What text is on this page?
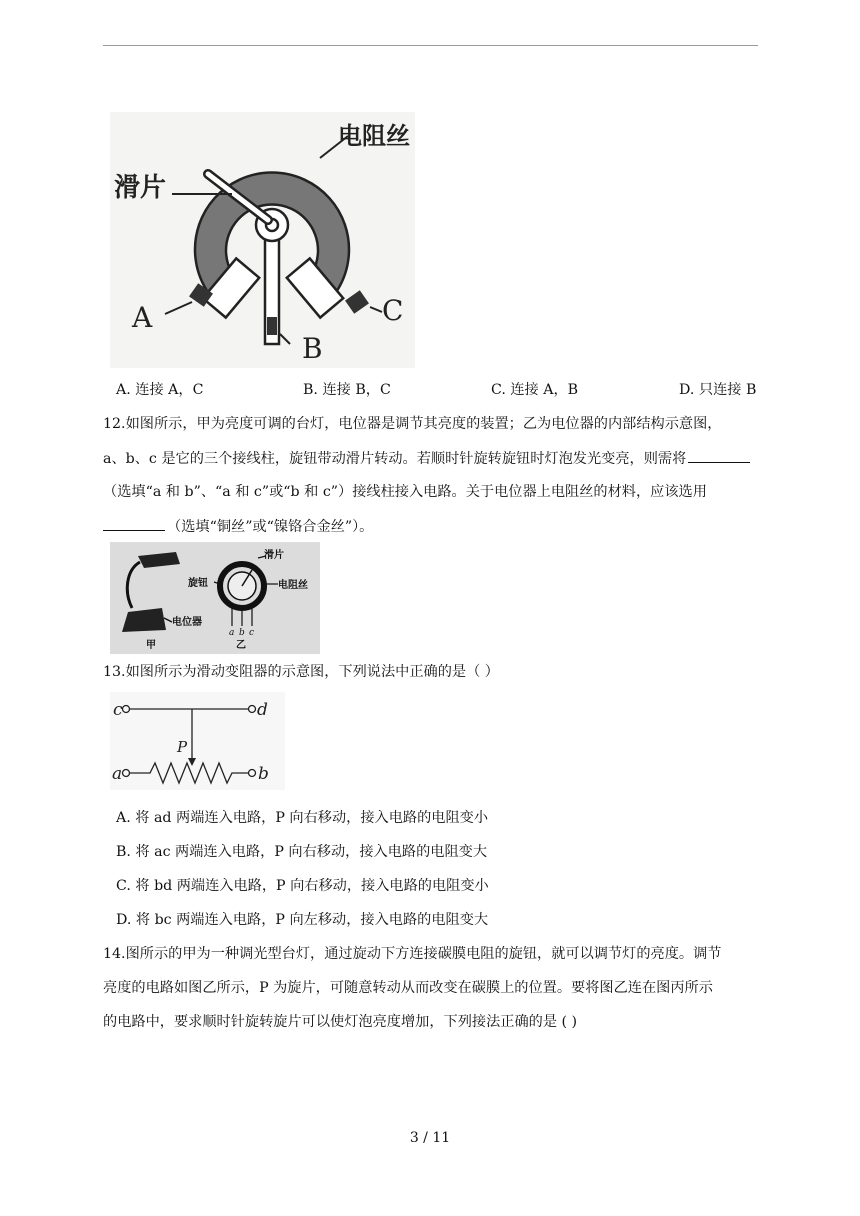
电阻丝
滑片
A
B
C
A. 连接 A，C	B. 连接 B，C	C. 连接 A，B	D. 只连接 B
12.如图所示，甲为亮度可调的台灯，电位器是调节其亮度的装置；乙为电位器的内部结构示意图，
a、b、c 是它的三个接线柱，旋钮带动滑片转动。若顺时针旋转旋钮时灯泡发光变亮，则需将
（选填“a 和 b”、“a 和 c”或“b 和 c”）接线柱接入电路。关于电位器上电阻丝的材料，应该选用
（选填“铜丝”或“镍铬合金丝”）。
电位器
甲
滑片
旋钮	电阻丝
a b c
乙
13.如图所示为滑动变阻器的示意图，下列说法中正确的是（ ）
c	d
P
a	b
A. 将 ad 两端连入电路，P 向右移动，接入电路的电阻变小
B. 将 ac 两端连入电路，P 向右移动，接入电路的电阻变大
C. 将 bd 两端连入电路，P 向右移动，接入电路的电阻变小
D. 将 bc 两端连入电路，P 向左移动，接入电路的电阻变大
14.图所示的甲为一种调光型台灯，通过旋动下方连接碳膜电阻的旋钮，就可以调节灯的亮度。调节
亮度的电路如图乙所示，P 为旋片，可随意转动从而改变在碳膜上的位置。要将图乙连在图丙所示
的电路中，要求顺时针旋转旋片可以使灯泡亮度增加，下列接法正确的是 ( )
3 / 11
